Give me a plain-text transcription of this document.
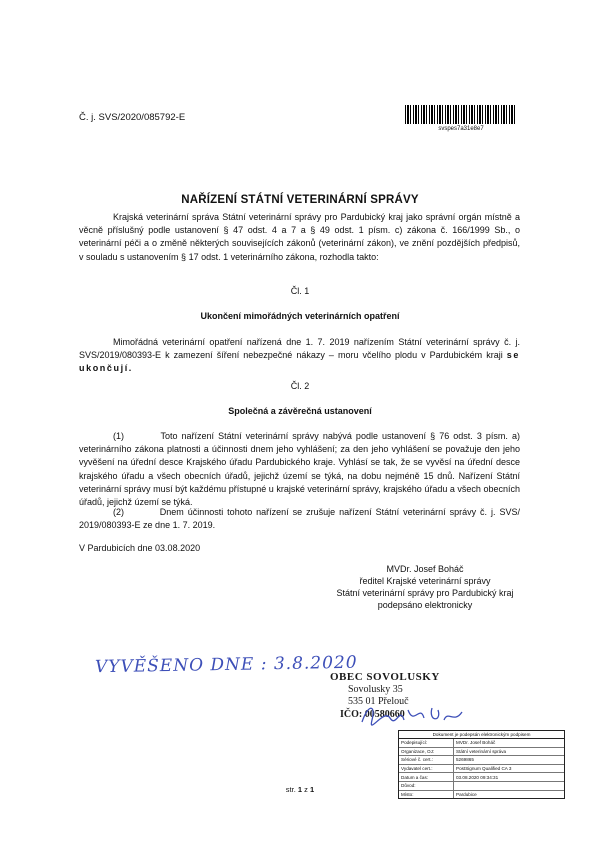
Č. j. SVS/2020/085792-E
svspes7a31e8e7
NAŘÍZENÍ STÁTNÍ VETERINÁRNÍ SPRÁVY
Krajská veterinární správa Státní veterinární správy pro Pardubický kraj jako správní orgán místně a věcně příslušný podle ustanovení § 47 odst. 4 a 7 a § 49 odst. 1 písm. c) zákona č. 166/1999 Sb., o veterinární péči a o změně některých souvisejících zákonů (veterinární zákon), ve znění pozdějších předpisů, v souladu s ustanovením § 17 odst. 1 veterinárního zákona, rozhodla takto:
Čl. 1
Ukončení mimořádných veterinárních opatření
Mimořádná veterinární opatření nařízená dne 1. 7. 2019 nařízením Státní veterinární správy č. j. SVS/2019/080393-E k zamezení šíření nebezpečné nákazy – moru včelího plodu v Pardubickém kraji se ukončují.
Čl. 2
Společná a závěrečná ustanovení
(1)	Toto nařízení Státní veterinární správy nabývá podle ustanovení § 76 odst. 3 písm. a) veterinárního zákona platnosti a účinnosti dnem jeho vyhlášení; za den jeho vyhlášení se považuje den jeho vyvěšení na úřední desce Krajského úřadu Pardubického kraje. Vyhlásí se tak, že se vyvěsí na úřední desce krajského úřadu a všech obecních úřadů, jejichž území se týká, na dobu nejméně 15 dnů. Nařízení Státní veterinární správy musí být každému přístupné u krajské veterinární správy, krajského úřadu a všech obecních úřadů, jejichž území se týká.
(2)	Dnem účinnosti tohoto nařízení se zrušuje nařízení Státní veterinární správy č. j. SVS/ 2019/080393-E ze dne 1. 7. 2019.
V Pardubicích dne 03.08.2020
MVDr. Josef Boháč
ředitel Krajské veterinární správy
Státní veterinární správy pro Pardubický kraj
podepsáno elektronicky
VYVĚŠENO DNE : 3.8.2020
OBEC SOVOLUSKY
Sovolusky 35
535 01 Přelouč
IČO: 00580660
Dokument je podepsán elektronickým podpisem
Podepisující:	MVDr. Josef Boháč
Organizace, OJ:	Státní veterinární správa
Sériové č. cert.:	5269865
Vydavatel cert.:	PostSignum Qualified CA 3
Datum a čas:	03.08.2020 09:34:31
Důvod:
Místo:	Pardubice
str. 1 z 1
